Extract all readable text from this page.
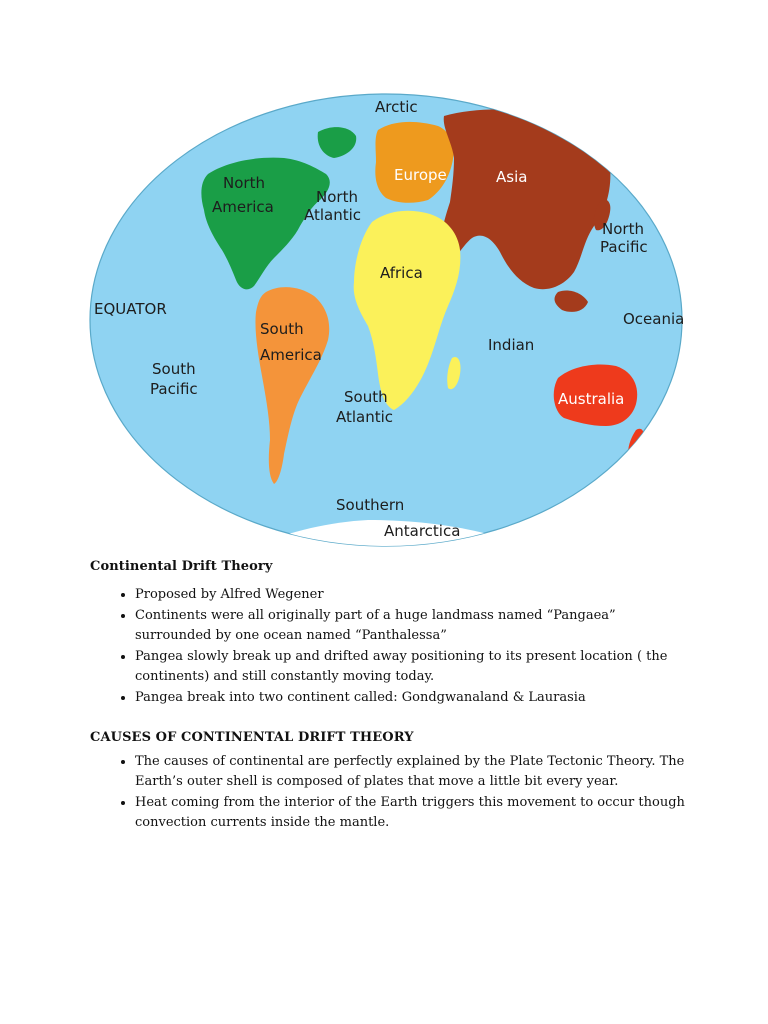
Arctic
North
America
North
Atlantic
Europe	Asia
North
Pacific
EQUATOR
Africa
Oceania
South
America
South
Pacific
Indian
South
Atlantic
Australia
Southern
Antarctica
Continental Drift Theory
• Proposed by Alfred Wegener
• Continents were all originally part of a huge landmass named “Pangaea” surrounded by one ocean named “Panthalessa”
• Pangea slowly break up and drifted away positioning to its present location ( the continents) and still constantly moving today.
• Pangea break into two continent called: Gondgwanaland & Laurasia
CAUSES OF CONTINENTAL DRIFT THEORY
• The causes of continental are perfectly explained by the Plate Tectonic Theory. The Earth’s outer shell is composed of plates that move a little bit every year.
• Heat coming from the interior of the Earth triggers this movement to occur though convection currents inside the mantle.
